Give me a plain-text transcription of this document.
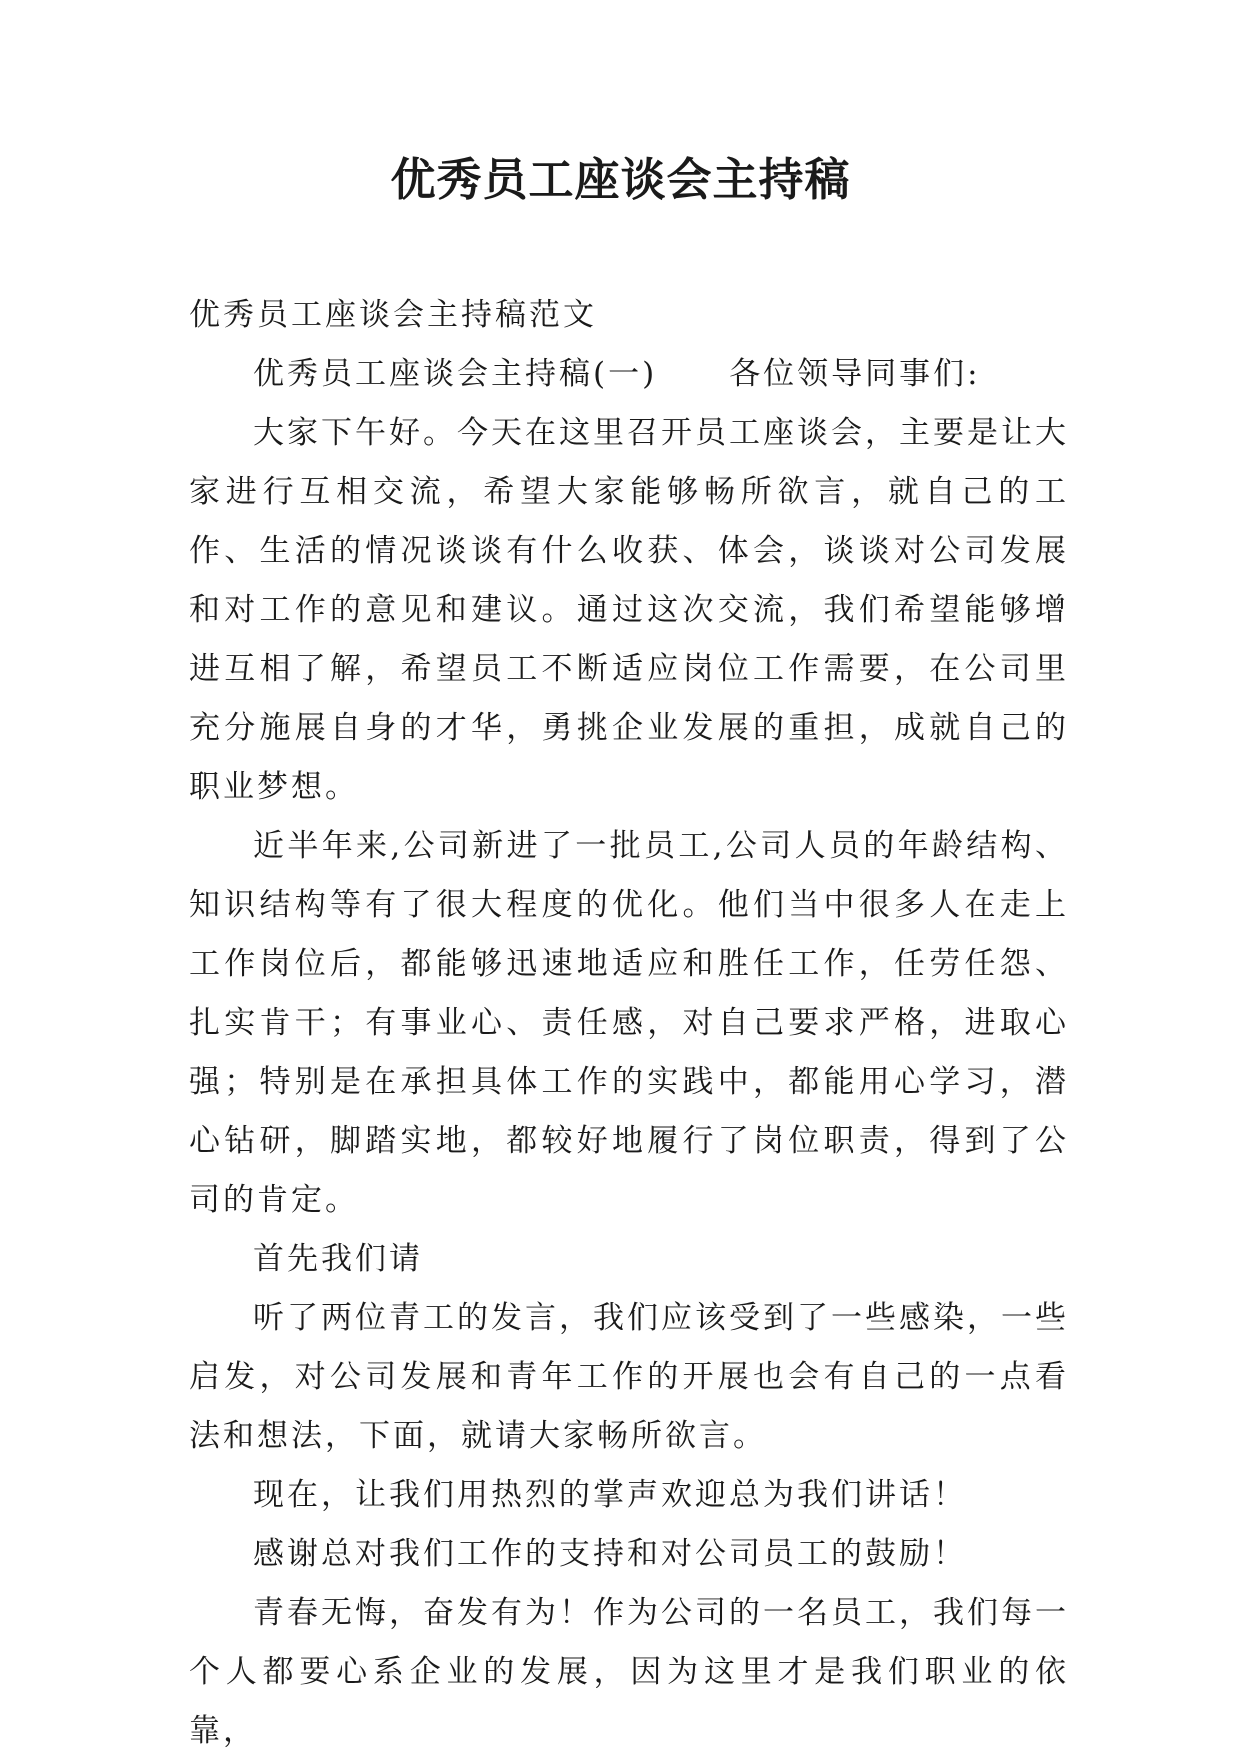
优秀员工座谈会主持稿

优秀员工座谈会主持稿范文

优秀员工座谈会主持稿(一) 各位领导同事们:

大家下午好。今天在这里召开员工座谈会，主要是让大家进行互相交流，希望大家能够畅所欲言，就自己的工作、生活的情况谈谈有什么收获、体会，谈谈对公司发展和对工作的意见和建议。通过这次交流，我们希望能够增进互相了解，希望员工不断适应岗位工作需要，在公司里充分施展自身的才华，勇挑企业发展的重担，成就自己的职业梦想。

近半年来,公司新进了一批员工,公司人员的年龄结构、知识结构等有了很大程度的优化。他们当中很多人在走上工作岗位后，都能够迅速地适应和胜任工作，任劳任怨、扎实肯干；有事业心、责任感，对自己要求严格，进取心强；特别是在承担具体工作的实践中，都能用心学习，潜心钻研，脚踏实地，都较好地履行了岗位职责，得到了公司的肯定。

首先我们请

听了两位青工的发言，我们应该受到了一些感染，一些启发，对公司发展和青年工作的开展也会有自己的一点看法和想法，下面，就请大家畅所欲言。

现在，让我们用热烈的掌声欢迎总为我们讲话！

感谢总对我们工作的支持和对公司员工的鼓励！

青春无悔，奋发有为！作为公司的一名员工，我们每一个人都要心系企业的发展，因为这里才是我们职业的依靠，
